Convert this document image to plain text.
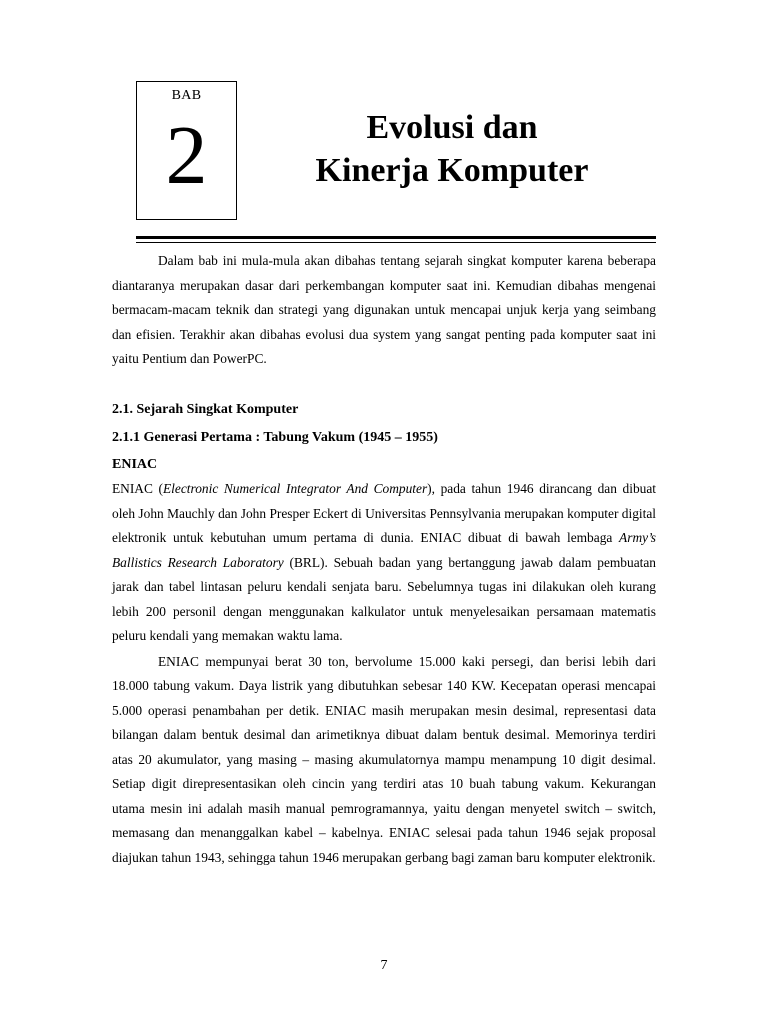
BAB
2	Evolusi dan
Kinerja Komputer

Dalam bab ini mula-mula akan dibahas tentang sejarah singkat komputer karena beberapa diantaranya merupakan dasar dari perkembangan komputer saat ini. Kemudian dibahas mengenai bermacam-macam teknik dan strategi yang digunakan untuk mencapai unjuk kerja yang seimbang dan efisien. Terakhir akan dibahas evolusi dua system yang sangat penting pada komputer saat ini yaitu Pentium dan PowerPC.

2.1. Sejarah Singkat Komputer
2.1.1 Generasi Pertama : Tabung Vakum (1945 – 1955)
ENIAC

ENIAC (Electronic Numerical Integrator And Computer), pada tahun 1946 dirancang dan dibuat oleh John Mauchly dan John Presper Eckert di Universitas Pennsylvania merupakan komputer digital elektronik untuk kebutuhan umum pertama di dunia. ENIAC dibuat di bawah lembaga Army’s Ballistics Research Laboratory (BRL). Sebuah badan yang bertanggung jawab dalam pembuatan jarak dan tabel lintasan peluru kendali senjata baru. Sebelumnya tugas ini dilakukan oleh kurang lebih 200 personil dengan menggunakan kalkulator untuk menyelesaikan persamaan matematis peluru kendali yang memakan waktu lama.

ENIAC mempunyai berat 30 ton, bervolume 15.000 kaki persegi, dan berisi lebih dari 18.000 tabung vakum. Daya listrik yang dibutuhkan sebesar 140 KW. Kecepatan operasi mencapai 5.000 operasi penambahan per detik. ENIAC masih merupakan mesin desimal, representasi data bilangan dalam bentuk desimal dan arimetiknya dibuat dalam bentuk desimal. Memorinya terdiri atas 20 akumulator, yang masing – masing akumulatornya mampu menampung 10 digit desimal. Setiap digit direpresentasikan oleh cincin yang terdiri atas 10 buah tabung vakum. Kekurangan utama mesin ini adalah masih manual pemrogramannya, yaitu dengan menyetel switch – switch, memasang dan menanggalkan kabel – kabelnya. ENIAC selesai pada tahun 1946 sejak proposal diajukan tahun 1943, sehingga tahun 1946 merupakan gerbang bagi zaman baru komputer elektronik.

7
